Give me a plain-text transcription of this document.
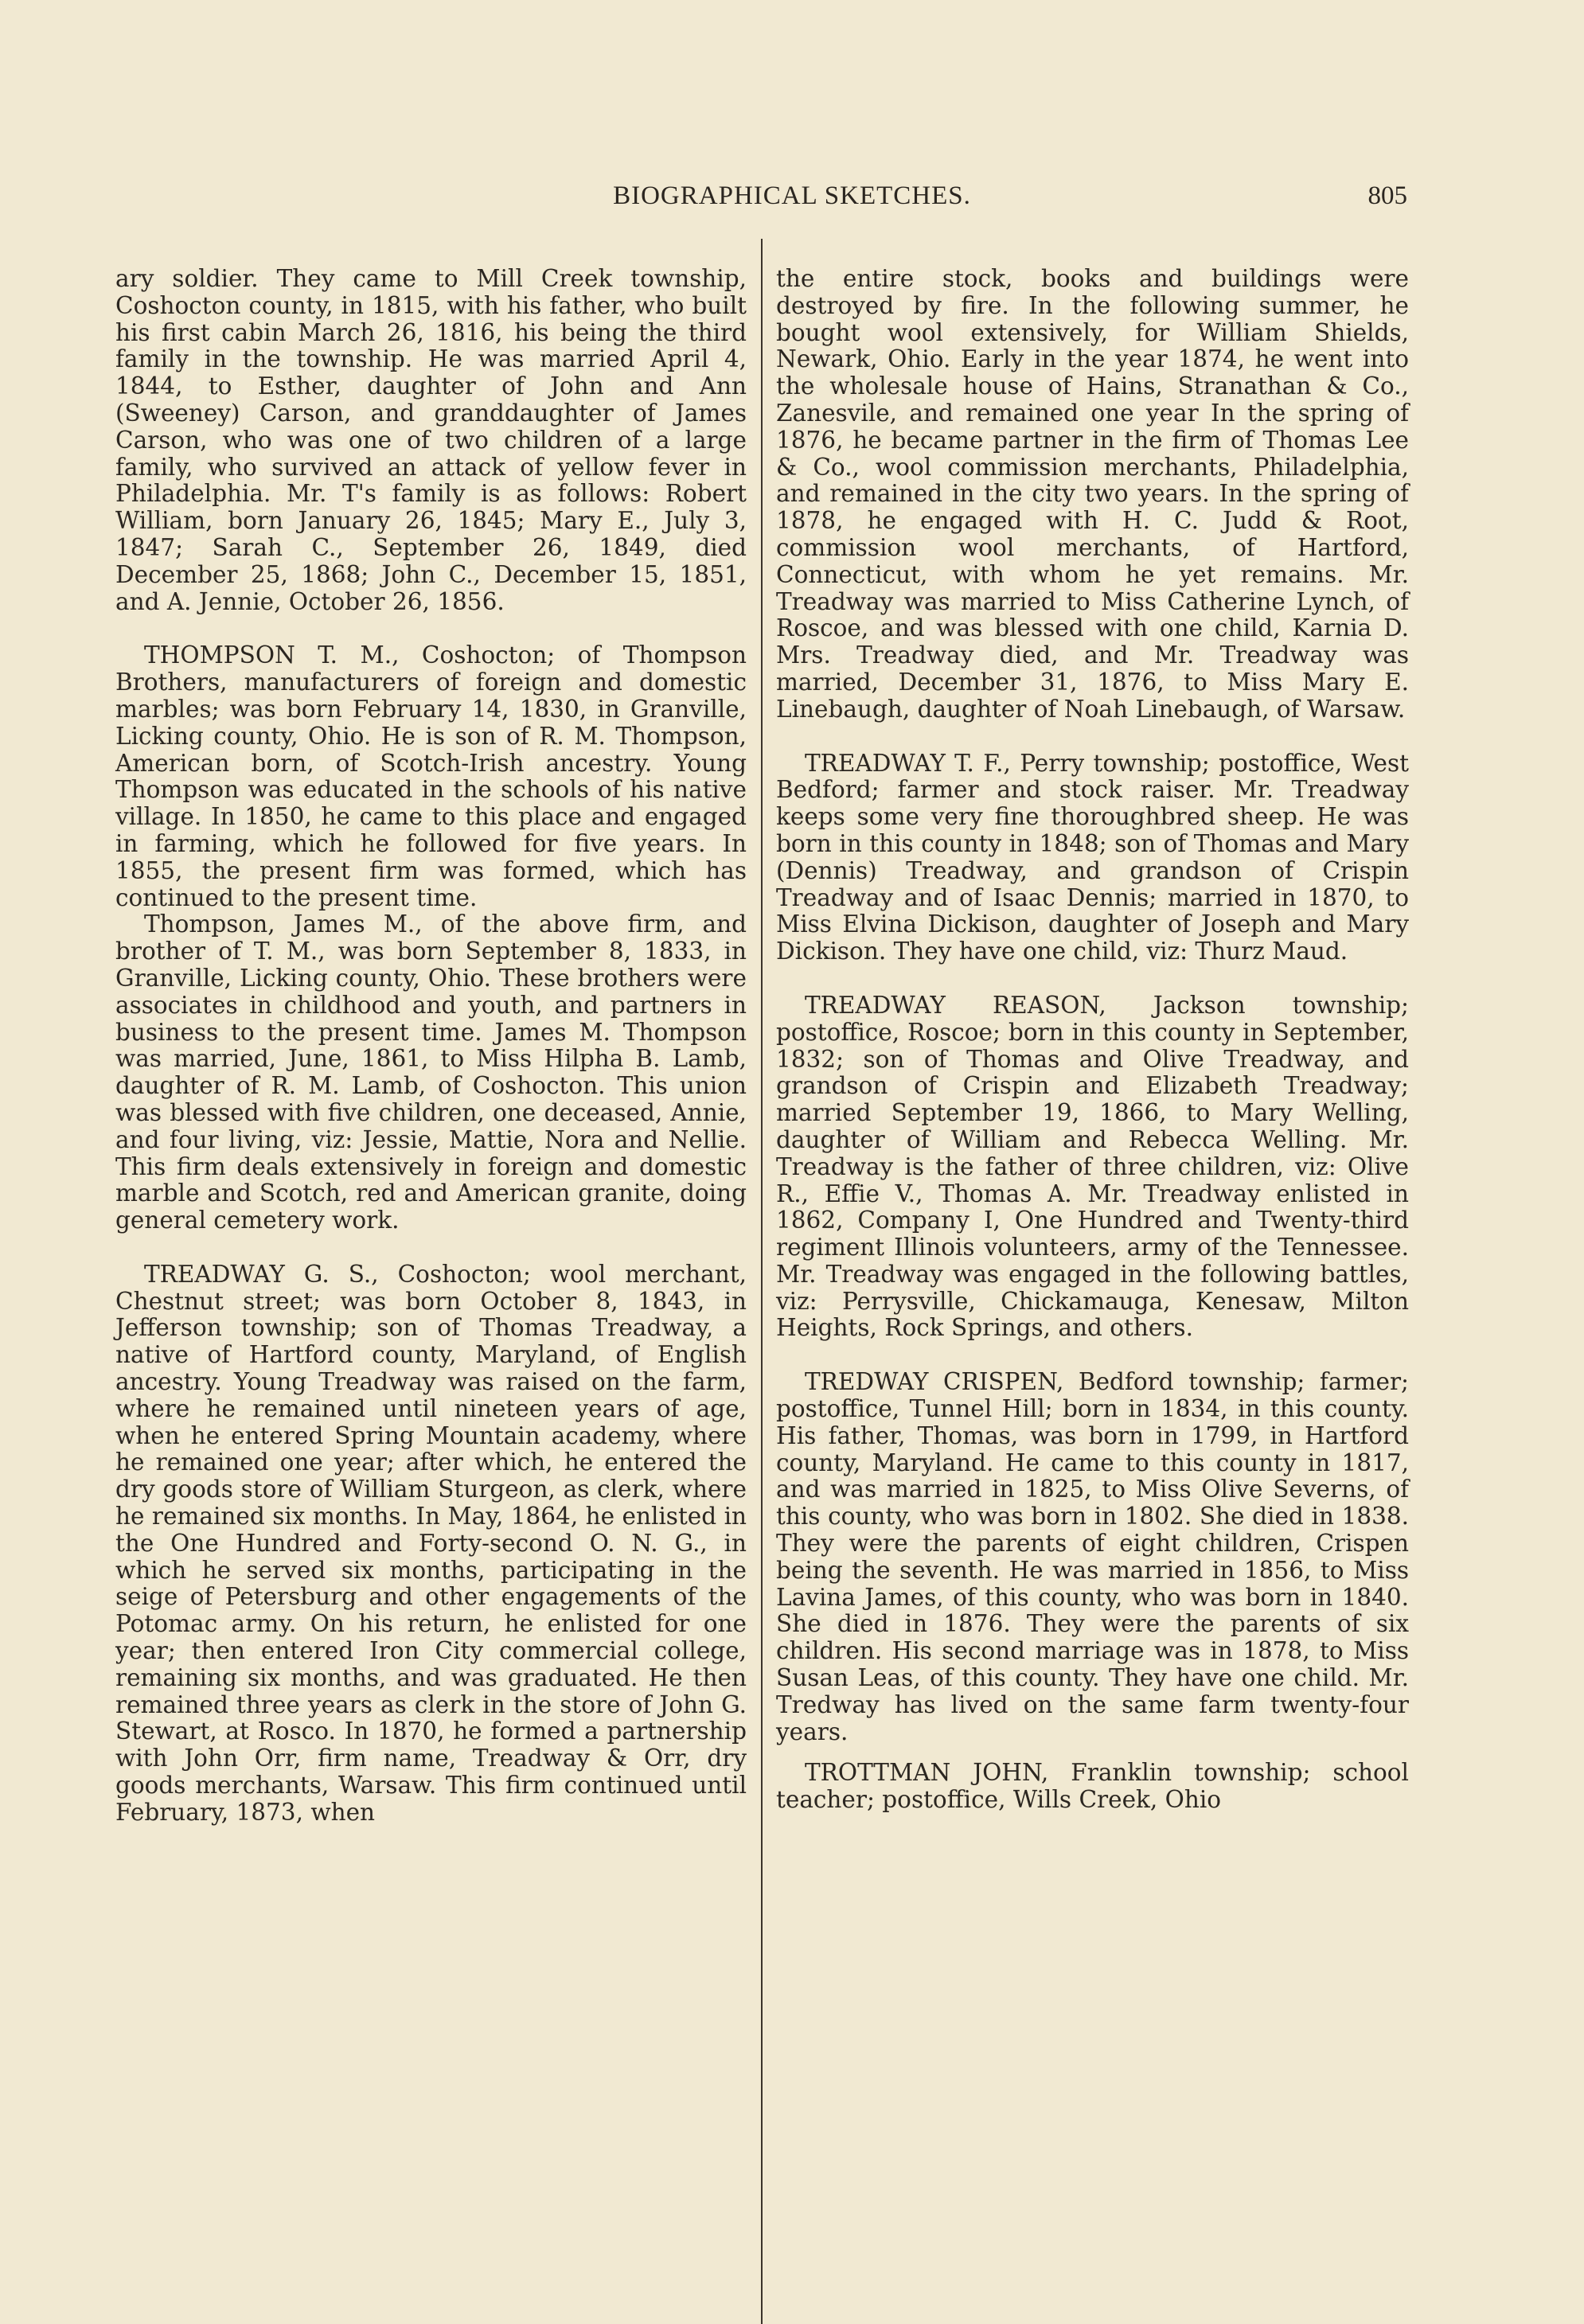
BIOGRAPHICAL SKETCHES.	805

ary soldier. They came to Mill Creek township, Coshocton county, in 1815, with his father, who built his first cabin March 26, 1816, his being the third family in the township. He was married April 4, 1844, to Esther, daughter of John and Ann (Sweeney) Carson, and granddaughter of James Carson, who was one of two children of a large family, who survived an attack of yellow fever in Philadelphia. Mr. T's family is as follows: Robert William, born January 26, 1845; Mary E., July 3, 1847; Sarah C., September 26, 1849, died December 25, 1868; John C., December 15, 1851, and A. Jennie, October 26, 1856.

THOMPSON T. M., Coshocton; of Thompson Brothers, manufacturers of foreign and domestic marbles; was born February 14, 1830, in Granville, Licking county, Ohio. He is son of R. M. Thompson, American born, of Scotch-Irish ancestry. Young Thompson was educated in the schools of his native village. In 1850, he came to this place and engaged in farming, which he followed for five years. In 1855, the present firm was formed, which has continued to the present time.

Thompson, James M., of the above firm, and brother of T. M., was born September 8, 1833, in Granville, Licking county, Ohio. These brothers were associates in childhood and youth, and partners in business to the present time. James M. Thompson was married, June, 1861, to Miss Hilpha B. Lamb, daughter of R. M. Lamb, of Coshocton. This union was blessed with five children, one deceased, Annie, and four living, viz: Jessie, Mattie, Nora and Nellie. This firm deals extensively in foreign and domestic marble and Scotch, red and American granite, doing general cemetery work.

TREADWAY G. S., Coshocton; wool merchant, Chestnut street; was born October 8, 1843, in Jefferson township; son of Thomas Treadway, a native of Hartford county, Maryland, of English ancestry. Young Treadway was raised on the farm, where he remained until nineteen years of age, when he entered Spring Mountain academy, where he remained one year; after which, he entered the dry goods store of William Sturgeon, as clerk, where he remained six months. In May, 1864, he enlisted in the One Hundred and Forty-second O. N. G., in which he served six months, participating in the seige of Petersburg and other engagements of the Potomac army. On his return, he enlisted for one year; then entered Iron City commercial college, remaining six months, and was graduated. He then remained three years as clerk in the store of John G. Stewart, at Rosco. In 1870, he formed a partnership with John Orr, firm name, Treadway & Orr, dry goods merchants, Warsaw. This firm continued until February, 1873, when

the entire stock, books and buildings were destroyed by fire. In the following summer, he bought wool extensively, for William Shields, Newark, Ohio. Early in the year 1874, he went into the wholesale house of Hains, Stranathan & Co., Zanesvile, and remained one year In the spring of 1876, he became partner in the firm of Thomas Lee & Co., wool commission merchants, Philadelphia, and remained in the city two years. In the spring of 1878, he engaged with H. C. Judd & Root, commission wool merchants, of Hartford, Connecticut, with whom he yet remains. Mr. Treadway was married to Miss Catherine Lynch, of Roscoe, and was blessed with one child, Karnia D. Mrs. Treadway died, and Mr. Treadway was married, December 31, 1876, to Miss Mary E. Linebaugh, daughter of Noah Linebaugh, of Warsaw.

TREADWAY T. F., Perry township; postoffice, West Bedford; farmer and stock raiser. Mr. Treadway keeps some very fine thoroughbred sheep. He was born in this county in 1848; son of Thomas and Mary (Dennis) Treadway, and grandson of Crispin Treadway and of Isaac Dennis; married in 1870, to Miss Elvina Dickison, daughter of Joseph and Mary Dickison. They have one child, viz: Thurz Maud.

TREADWAY REASON, Jackson township; postoffice, Roscoe; born in this county in September, 1832; son of Thomas and Olive Treadway, and grandson of Crispin and Elizabeth Treadway; married September 19, 1866, to Mary Welling, daughter of William and Rebecca Welling. Mr. Treadway is the father of three children, viz: Olive R., Effie V., Thomas A. Mr. Treadway enlisted in 1862, Company I, One Hundred and Twenty-third regiment Illinois volunteers, army of the Tennessee. Mr. Treadway was engaged in the following battles, viz: Perrysville, Chickamauga, Kenesaw, Milton Heights, Rock Springs, and others.

TREDWAY CRISPEN, Bedford township; farmer; postoffice, Tunnel Hill; born in 1834, in this county. His father, Thomas, was born in 1799, in Hartford county, Maryland. He came to this county in 1817, and was married in 1825, to Miss Olive Severns, of this county, who was born in 1802. She died in 1838. They were the parents of eight children, Crispen being the seventh. He was married in 1856, to Miss Lavina James, of this county, who was born in 1840. She died in 1876. They were the parents of six children. His second marriage was in 1878, to Miss Susan Leas, of this county. They have one child. Mr. Tredway has lived on the same farm twenty-four years.

TROTTMAN JOHN, Franklin township; school teacher; postoffice, Wills Creek, Ohio
